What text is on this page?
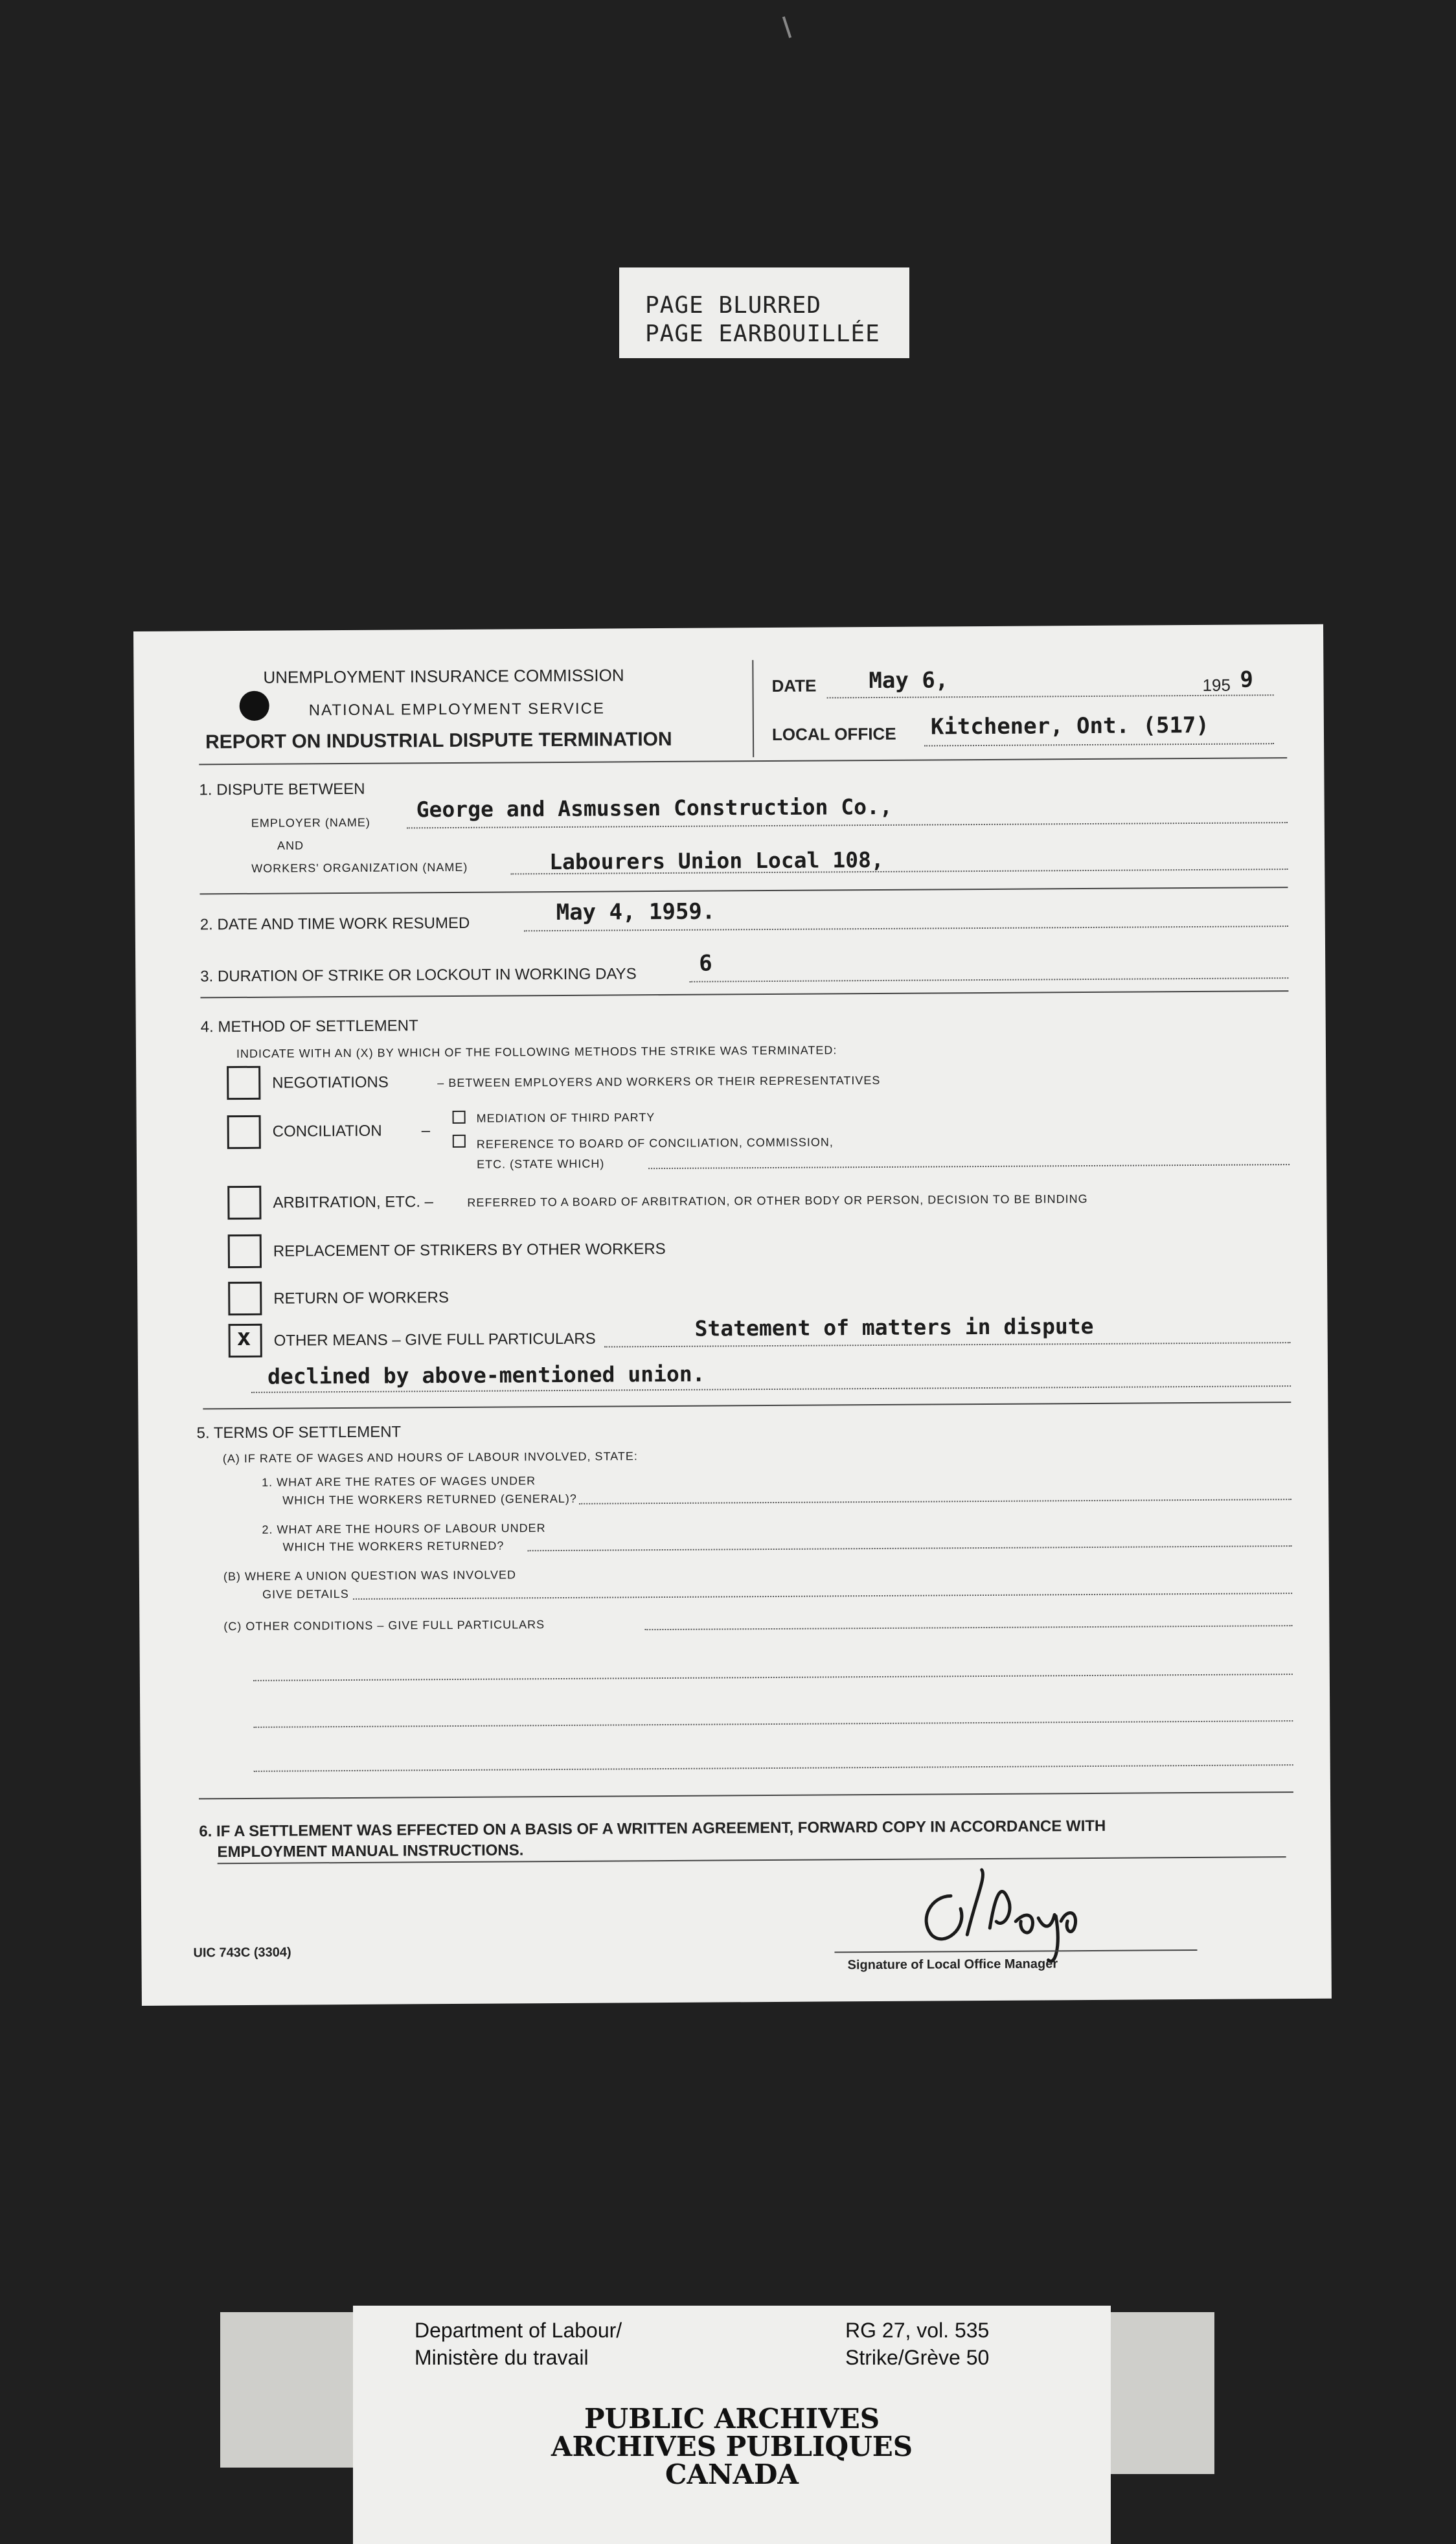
PAGE BLURRED
PAGE EARBOUILLÉE
UNEMPLOYMENT INSURANCE COMMISSION
NATIONAL EMPLOYMENT SERVICE
REPORT ON INDUSTRIAL DISPUTE TERMINATION
DATE May 6,	195 9
LOCAL OFFICE Kitchener, Ont. (517)
1. DISPUTE BETWEEN
EMPLOYER (NAME)
George and Asmussen Construction Co.,
AND
WORKERS' ORGANIZATION (NAME)	Labourers Union Local 108,
2. DATE AND TIME WORK RESUMED	May 4, 1959.
3. DURATION OF STRIKE OR LOCKOUT IN WORKING DAYS	6
4. METHOD OF SETTLEMENT
INDICATE WITH AN (X) BY WHICH OF THE FOLLOWING METHODS THE STRIKE WAS TERMINATED:
NEGOTIATIONS	– BETWEEN EMPLOYERS AND WORKERS OR THEIR REPRESENTATIVES
CONCILIATION	–
MEDIATION OF THIRD PARTY
REFERENCE TO BOARD OF CONCILIATION, COMMISSION,
ETC. (STATE WHICH)
ARBITRATION, ETC. –	REFERRED TO A BOARD OF ARBITRATION, OR OTHER BODY OR PERSON, DECISION TO BE BINDING
REPLACEMENT OF STRIKERS BY OTHER WORKERS
RETURN OF WORKERS
x OTHER MEANS – GIVE FULL PARTICULARS	Statement of matters in dispute
declined by above-mentioned union.
5. TERMS OF SETTLEMENT
(A) IF RATE OF WAGES AND HOURS OF LABOUR INVOLVED, STATE:
1. WHAT ARE THE RATES OF WAGES UNDER
WHICH THE WORKERS RETURNED (GENERAL)?
2. WHAT ARE THE HOURS OF LABOUR UNDER
WHICH THE WORKERS RETURNED?
(B) WHERE A UNION QUESTION WAS INVOLVED
GIVE DETAILS
(C) OTHER CONDITIONS – GIVE FULL PARTICULARS
6. IF A SETTLEMENT WAS EFFECTED ON A BASIS OF A WRITTEN AGREEMENT, FORWARD COPY IN ACCORDANCE WITH
EMPLOYMENT MANUAL INSTRUCTIONS.
Signature of Local Office Manager
UIC 743C (3304)
Department of Labour/
Ministère du travail
RG 27, vol. 535
Strike/Grève 50
PUBLIC ARCHIVES
ARCHIVES PUBLIQUES
CANADA
